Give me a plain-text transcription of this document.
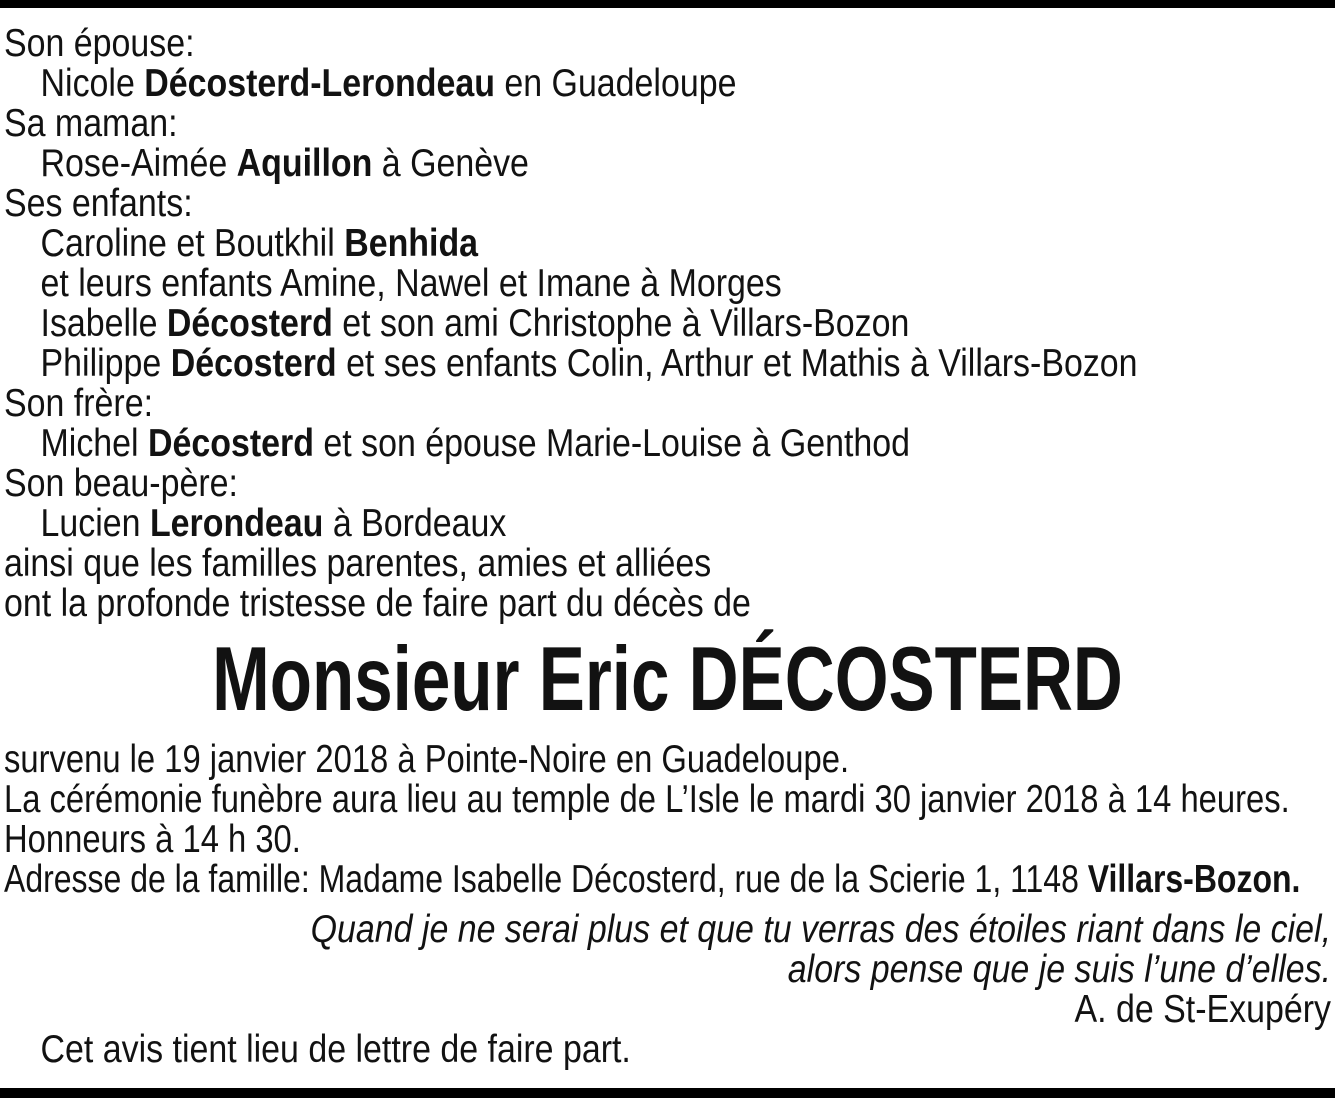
Son épouse:
Nicole Décosterd-Lerondeau en Guadeloupe
Sa maman:
Rose-Aimée Aquillon à Genève
Ses enfants:
Caroline et Boutkhil Benhida
et leurs enfants Amine, Nawel et Imane à Morges
Isabelle Décosterd et son ami Christophe à Villars-Bozon
Philippe Décosterd et ses enfants Colin, Arthur et Mathis à Villars-Bozon
Son frère:
Michel Décosterd et son épouse Marie-Louise à Genthod
Son beau-père:
Lucien Lerondeau à Bordeaux
ainsi que les familles parentes, amies et alliées
ont la profonde tristesse de faire part du décès de
Monsieur Eric DÉCOSTERD
survenu le 19 janvier 2018 à Pointe-Noire en Guadeloupe.
La cérémonie funèbre aura lieu au temple de L’Isle le mardi 30 janvier 2018 à 14 heures.
Honneurs à 14 h 30.
Adresse de la famille: Madame Isabelle Décosterd, rue de la Scierie 1, 1148 Villars-Bozon.
Quand je ne serai plus et que tu verras des étoiles riant dans le ciel,
alors pense que je suis l’une d’elles.
A. de St-Exupéry
Cet avis tient lieu de lettre de faire part.
